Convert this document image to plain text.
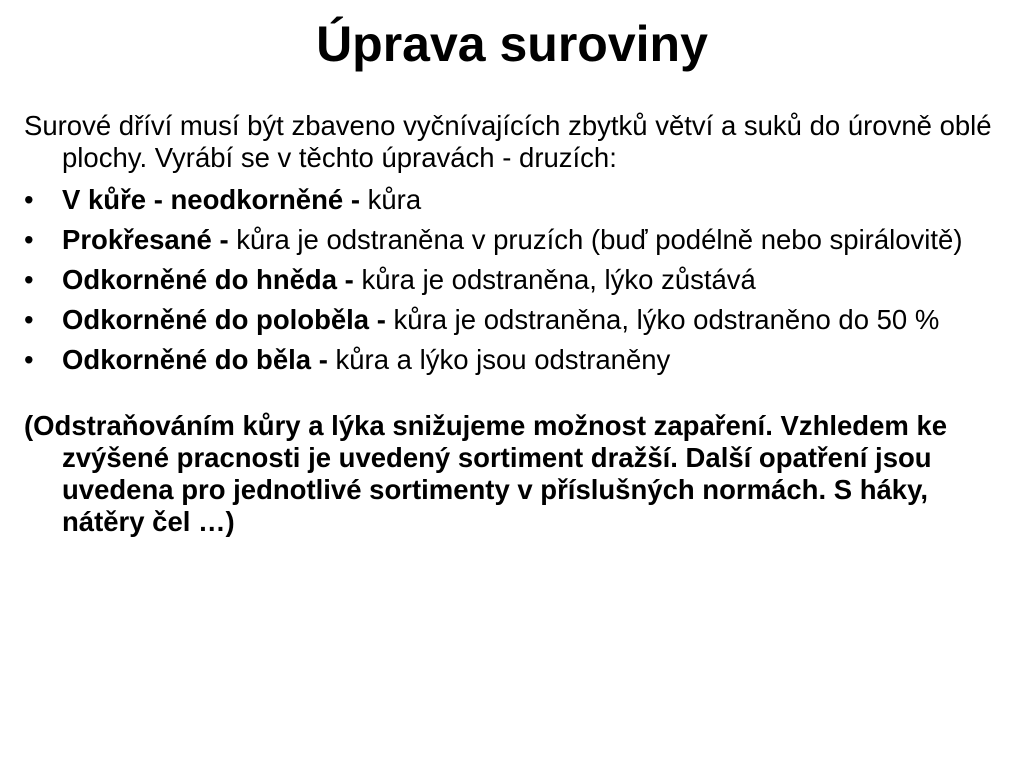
Úprava suroviny

Surové dříví musí být zbaveno vyčnívajících zbytků větví a suků do úrovně oblé plochy. Vyrábí se v těchto úpravách - druzích:

•	V kůře - neodkorněné - kůra
•	Prokřesané - kůra je odstraněna v pruzích (buď podélně nebo spirálovitě)
•	Odkorněné do hněda - kůra je odstraněna, lýko zůstává
•	Odkorněné do poloběla - kůra je odstraněna, lýko odstraněno do 50 %
•	Odkorněné do běla - kůra a lýko jsou odstraněny

(Odstraňováním kůry a lýka snižujeme možnost zapaření. Vzhledem ke zvýšené pracnosti je uvedený sortiment dražší. Další opatření jsou uvedena pro jednotlivé sortimenty v příslušných normách. S háky, nátěry čel …)
